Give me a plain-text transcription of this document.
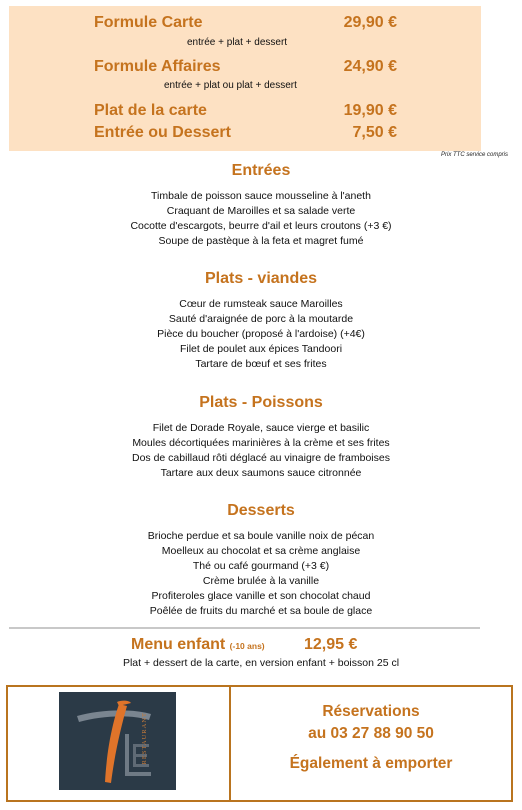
Formule Carte	29,90 €
entrée + plat + dessert
Formule Affaires	24,90 €
entrée + plat ou plat + dessert
Plat de la carte	19,90 €
Entrée ou Dessert	7,50 €
Prix TTC service compris
Entrées
Timbale de poisson sauce mousseline à l'aneth
Craquant de Maroilles et sa salade verte
Cocotte d'escargots, beurre d'ail et leurs croutons (+3 €)
Soupe de pastèque à la feta et magret fumé
Plats - viandes
Cœur de rumsteak sauce Maroilles
Sauté d'araignée de porc à la moutarde
Pièce du boucher (proposé à l'ardoise) (+4€)
Filet de poulet aux épices Tandoori
Tartare de bœuf et ses frites
Plats - Poissons
Filet de Dorade Royale, sauce vierge et basilic
Moules décortiquées marinières à la crème et ses frites
Dos de cabillaud rôti déglacé au vinaigre de framboises
Tartare aux deux saumons sauce citronnée
Desserts
Brioche perdue et sa boule vanille noix de pécan
Moelleux au chocolat et sa crème anglaise
Thé ou café gourmand (+3 €)
Crème brulée à la vanille
Profiteroles glace vanille et son chocolat chaud
Poêlée de fruits du marché et sa boule de glace
Menu enfant (-10 ans) 12,95 €
Plat + dessert de la carte, en version enfant + boisson 25 cl
RESTAURANT
Réservations
au 03 27 88 90 50
Également à emporter
